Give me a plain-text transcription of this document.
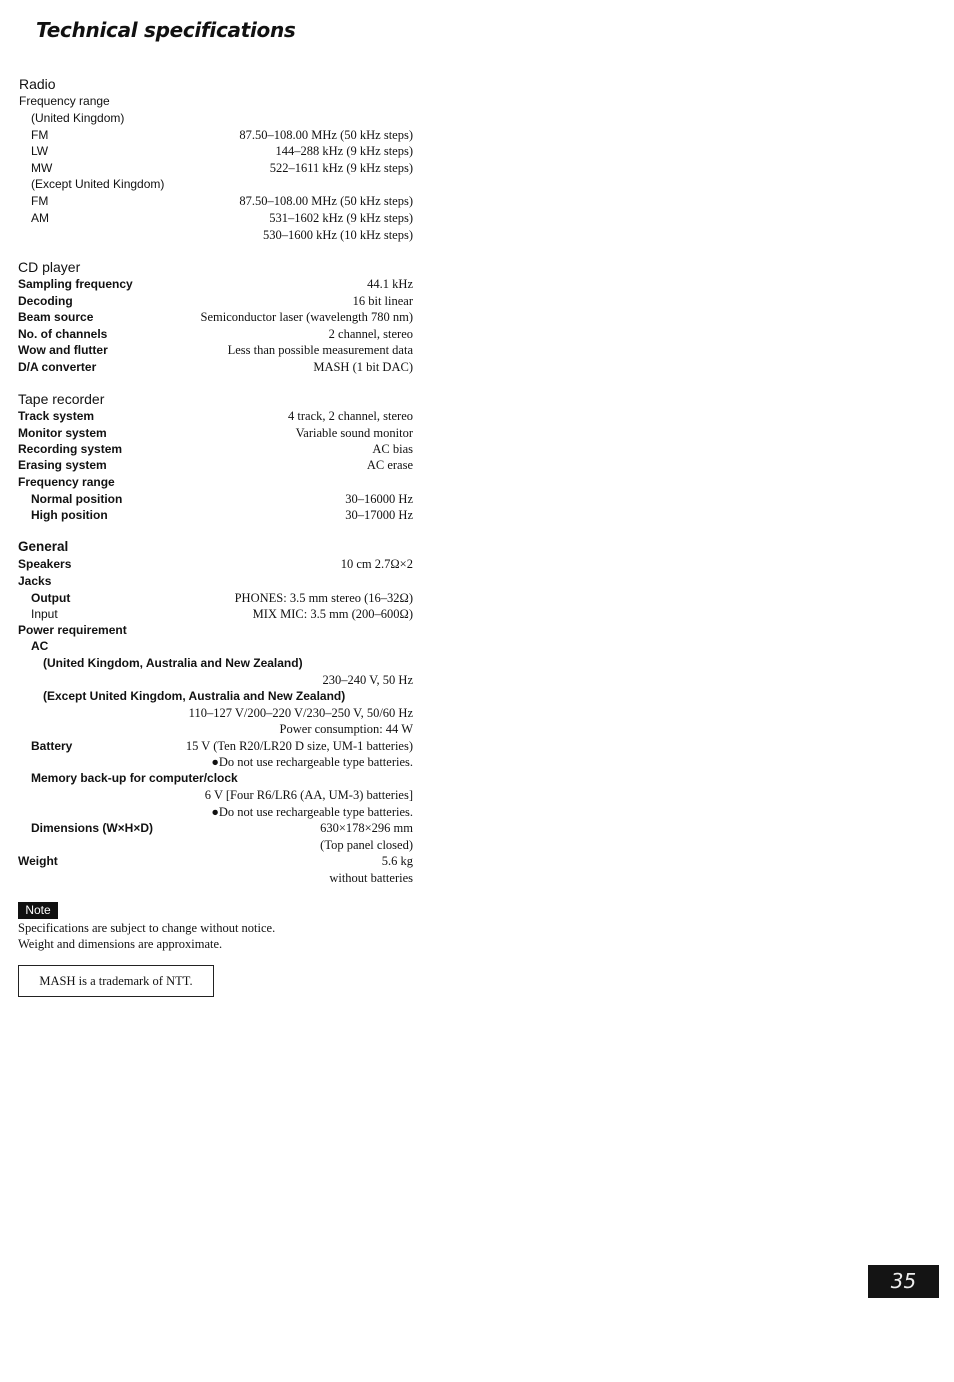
Technical specifications
Radio
Frequency range
(United Kingdom)
FM	87.50–108.00 MHz (50 kHz steps)
LW	144–288 kHz (9 kHz steps)
MW	522–1611 kHz (9 kHz steps)
(Except United Kingdom)
FM	87.50–108.00 MHz (50 kHz steps)
AM	531–1602 kHz (9 kHz steps)
530–1600 kHz (10 kHz steps)
CD player
Sampling frequency	44.1 kHz
Decoding	16 bit linear
Beam source	Semiconductor laser (wavelength 780 nm)
No. of channels	2 channel, stereo
Wow and flutter	Less than possible measurement data
D/A converter	MASH (1 bit DAC)
Tape recorder
Track system	4 track, 2 channel, stereo
Monitor system	Variable sound monitor
Recording system	AC bias
Erasing system	AC erase
Frequency range
Normal position	30–16000 Hz
High position	30–17000 Hz
General
Speakers	10 cm 2.7Ω×2
Jacks
Output	PHONES: 3.5 mm stereo (16–32Ω)
Input	MIX MIC: 3.5 mm (200–600Ω)
Power requirement
AC
(United Kingdom, Australia and New Zealand)
230–240 V, 50 Hz
(Except United Kingdom, Australia and New Zealand)
110–127 V/200–220 V/230–250 V, 50/60 Hz
Power consumption: 44 W
Battery	15 V (Ten R20/LR20 D size, UM-1 batteries)
●Do not use rechargeable type batteries.
Memory back-up for computer/clock
6 V [Four R6/LR6 (AA, UM-3) batteries]
●Do not use rechargeable type batteries.
Dimensions (W×H×D)	630×178×296 mm
(Top panel closed)
Weight	5.6 kg
without batteries
Note
Specifications are subject to change without notice.
Weight and dimensions are approximate.
MASH is a trademark of NTT.
35
